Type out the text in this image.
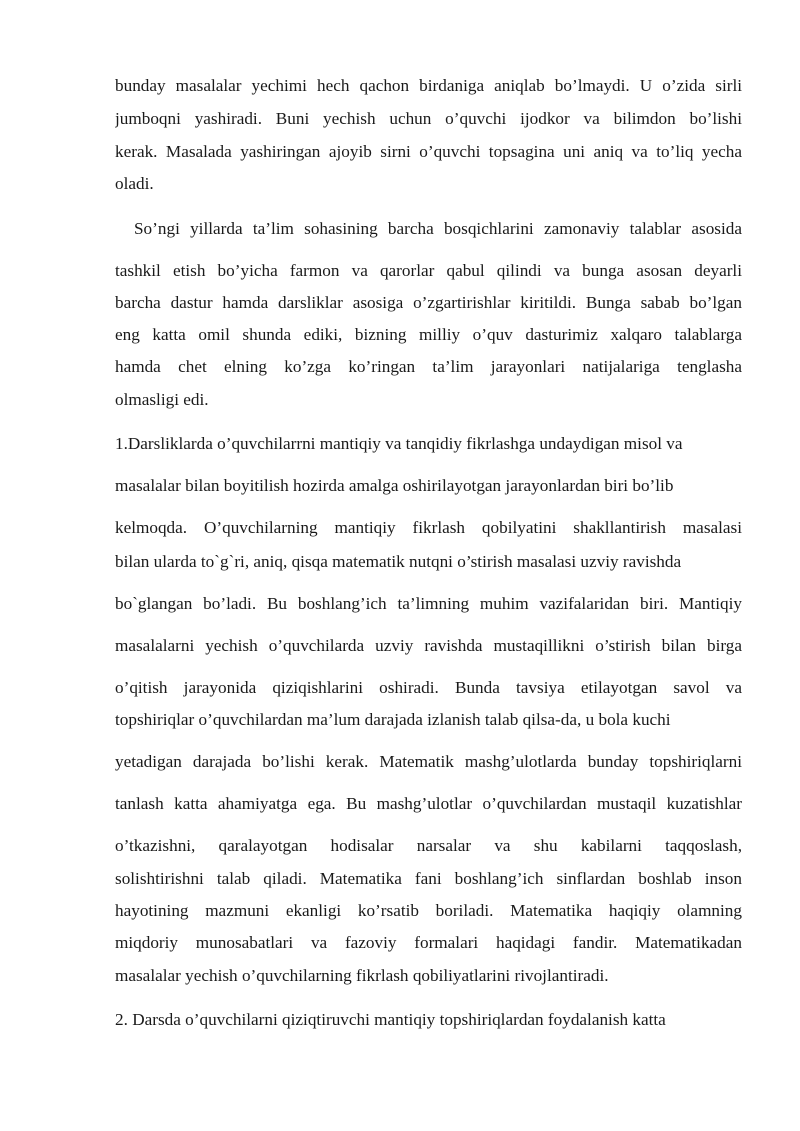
bunday masalalar yechimi hech qachon birdaniga aniqlab bo’lmaydi. U o’zida sirli
jumboqni yashiradi. Buni yechish uchun o’quvchi ijodkor va bilimdon bo’lishi
kerak. Masalada yashiringan ajoyib sirni o’quvchi topsagina uni aniq va to’liq yecha
oladi.
So’ngi yillarda ta’lim sohasining barcha bosqichlarini zamonaviy talablar asosida
tashkil etish bo’yicha farmon va qarorlar qabul qilindi va bunga asosan deyarli
barcha dastur hamda darsliklar asosiga o’zgartirishlar kiritildi. Bunga sabab bo’lgan
eng katta omil shunda ediki, bizning milliy o’quv dasturimiz xalqaro talablarga
hamda chet elning ko’zga ko’ringan ta’lim jarayonlari natijalariga tenglasha
olmasligi edi.
1.Darsliklarda o’quvchilarrni mantiqiy va tanqidiy fikrlashga undaydigan misol va
masalalar bilan boyitilish hozirda amalga oshirilayotgan jarayonlardan biri bo’lib
kelmoqda. O’quvchilarning mantiqiy fikrlash qobilyatini shakllantirish masalasi
bilan ularda to`g`ri, aniq, qisqa matematik nutqni o’stirish masalasi uzviy ravishda
bo`glangan bo’ladi. Bu boshlang’ich ta’limning muhim vazifalaridan biri. Mantiqiy
masalalarni yechish o’quvchilarda uzviy ravishda mustaqillikni o’stirish bilan birga
o’qitish jarayonida qiziqishlarini oshiradi. Bunda tavsiya etilayotgan savol va
topshiriqlar o’quvchilardan ma’lum darajada izlanish talab qilsa-da, u bola kuchi
yetadigan darajada bo’lishi kerak. Matematik mashg’ulotlarda bunday topshiriqlarni
tanlash katta ahamiyatga ega. Bu mashg’ulotlar o’quvchilardan mustaqil kuzatishlar
o’tkazishni, qaralayotgan hodisalar narsalar va shu kabilarni taqqoslash,
solishtirishni talab qiladi. Matematika fani boshlang’ich sinflardan boshlab inson
hayotining mazmuni ekanligi ko’rsatib boriladi. Matematika haqiqiy olamning
miqdoriy munosabatlari va fazoviy formalari haqidagi fandir. Matematikadan
masalalar yechish o’quvchilarning fikrlash qobiliyatlarini rivojlantiradi.
2. Darsda o’quvchilarni qiziqtiruvchi mantiqiy topshiriqlardan foydalanish katta
